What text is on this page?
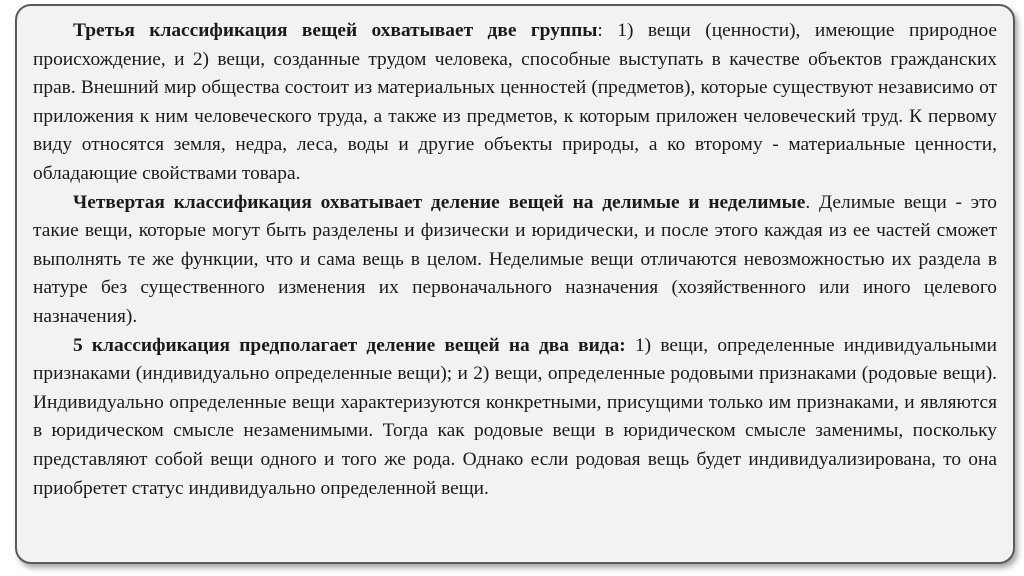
Третья классификация вещей охватывает две группы: 1) вещи (ценности), имеющие природное происхождение, и 2) вещи, созданные трудом человека, способные выступать в качестве объектов гражданских прав. Внешний мир общества состоит из материальных ценностей (предметов), которые существуют независимо от приложения к ним человеческого труда, а также из предметов, к которым приложен человеческий труд. К первому виду относятся земля, недра, леса, воды и другие объекты природы, а ко второму - материальные ценности, обладающие свойствами товара.

Четвертая классификация охватывает деление вещей на делимые и неделимые. Делимые вещи - это такие вещи, которые могут быть разделены и физически и юридически, и после этого каждая из ее частей сможет выполнять те же функции, что и сама вещь в целом. Неделимые вещи отличаются невозможностью их раздела в натуре без существенного изменения их первоначального назначения (хозяйственного или иного целевого назначения).

5 классификация предполагает деление вещей на два вида: 1) вещи, определенные индивидуальными признаками (индивидуально определенные вещи); и 2) вещи, определенные родовыми признаками (родовые вещи). Индивидуально определенные вещи характеризуются конкретными, присущими только им признаками, и являются в юридическом смысле незаменимыми. Тогда как родовые вещи в юридическом смысле заменимы, поскольку представляют собой вещи одного и того же рода. Однако если родовая вещь будет индивидуализирована, то она приобретет статус индивидуально определенной вещи.
